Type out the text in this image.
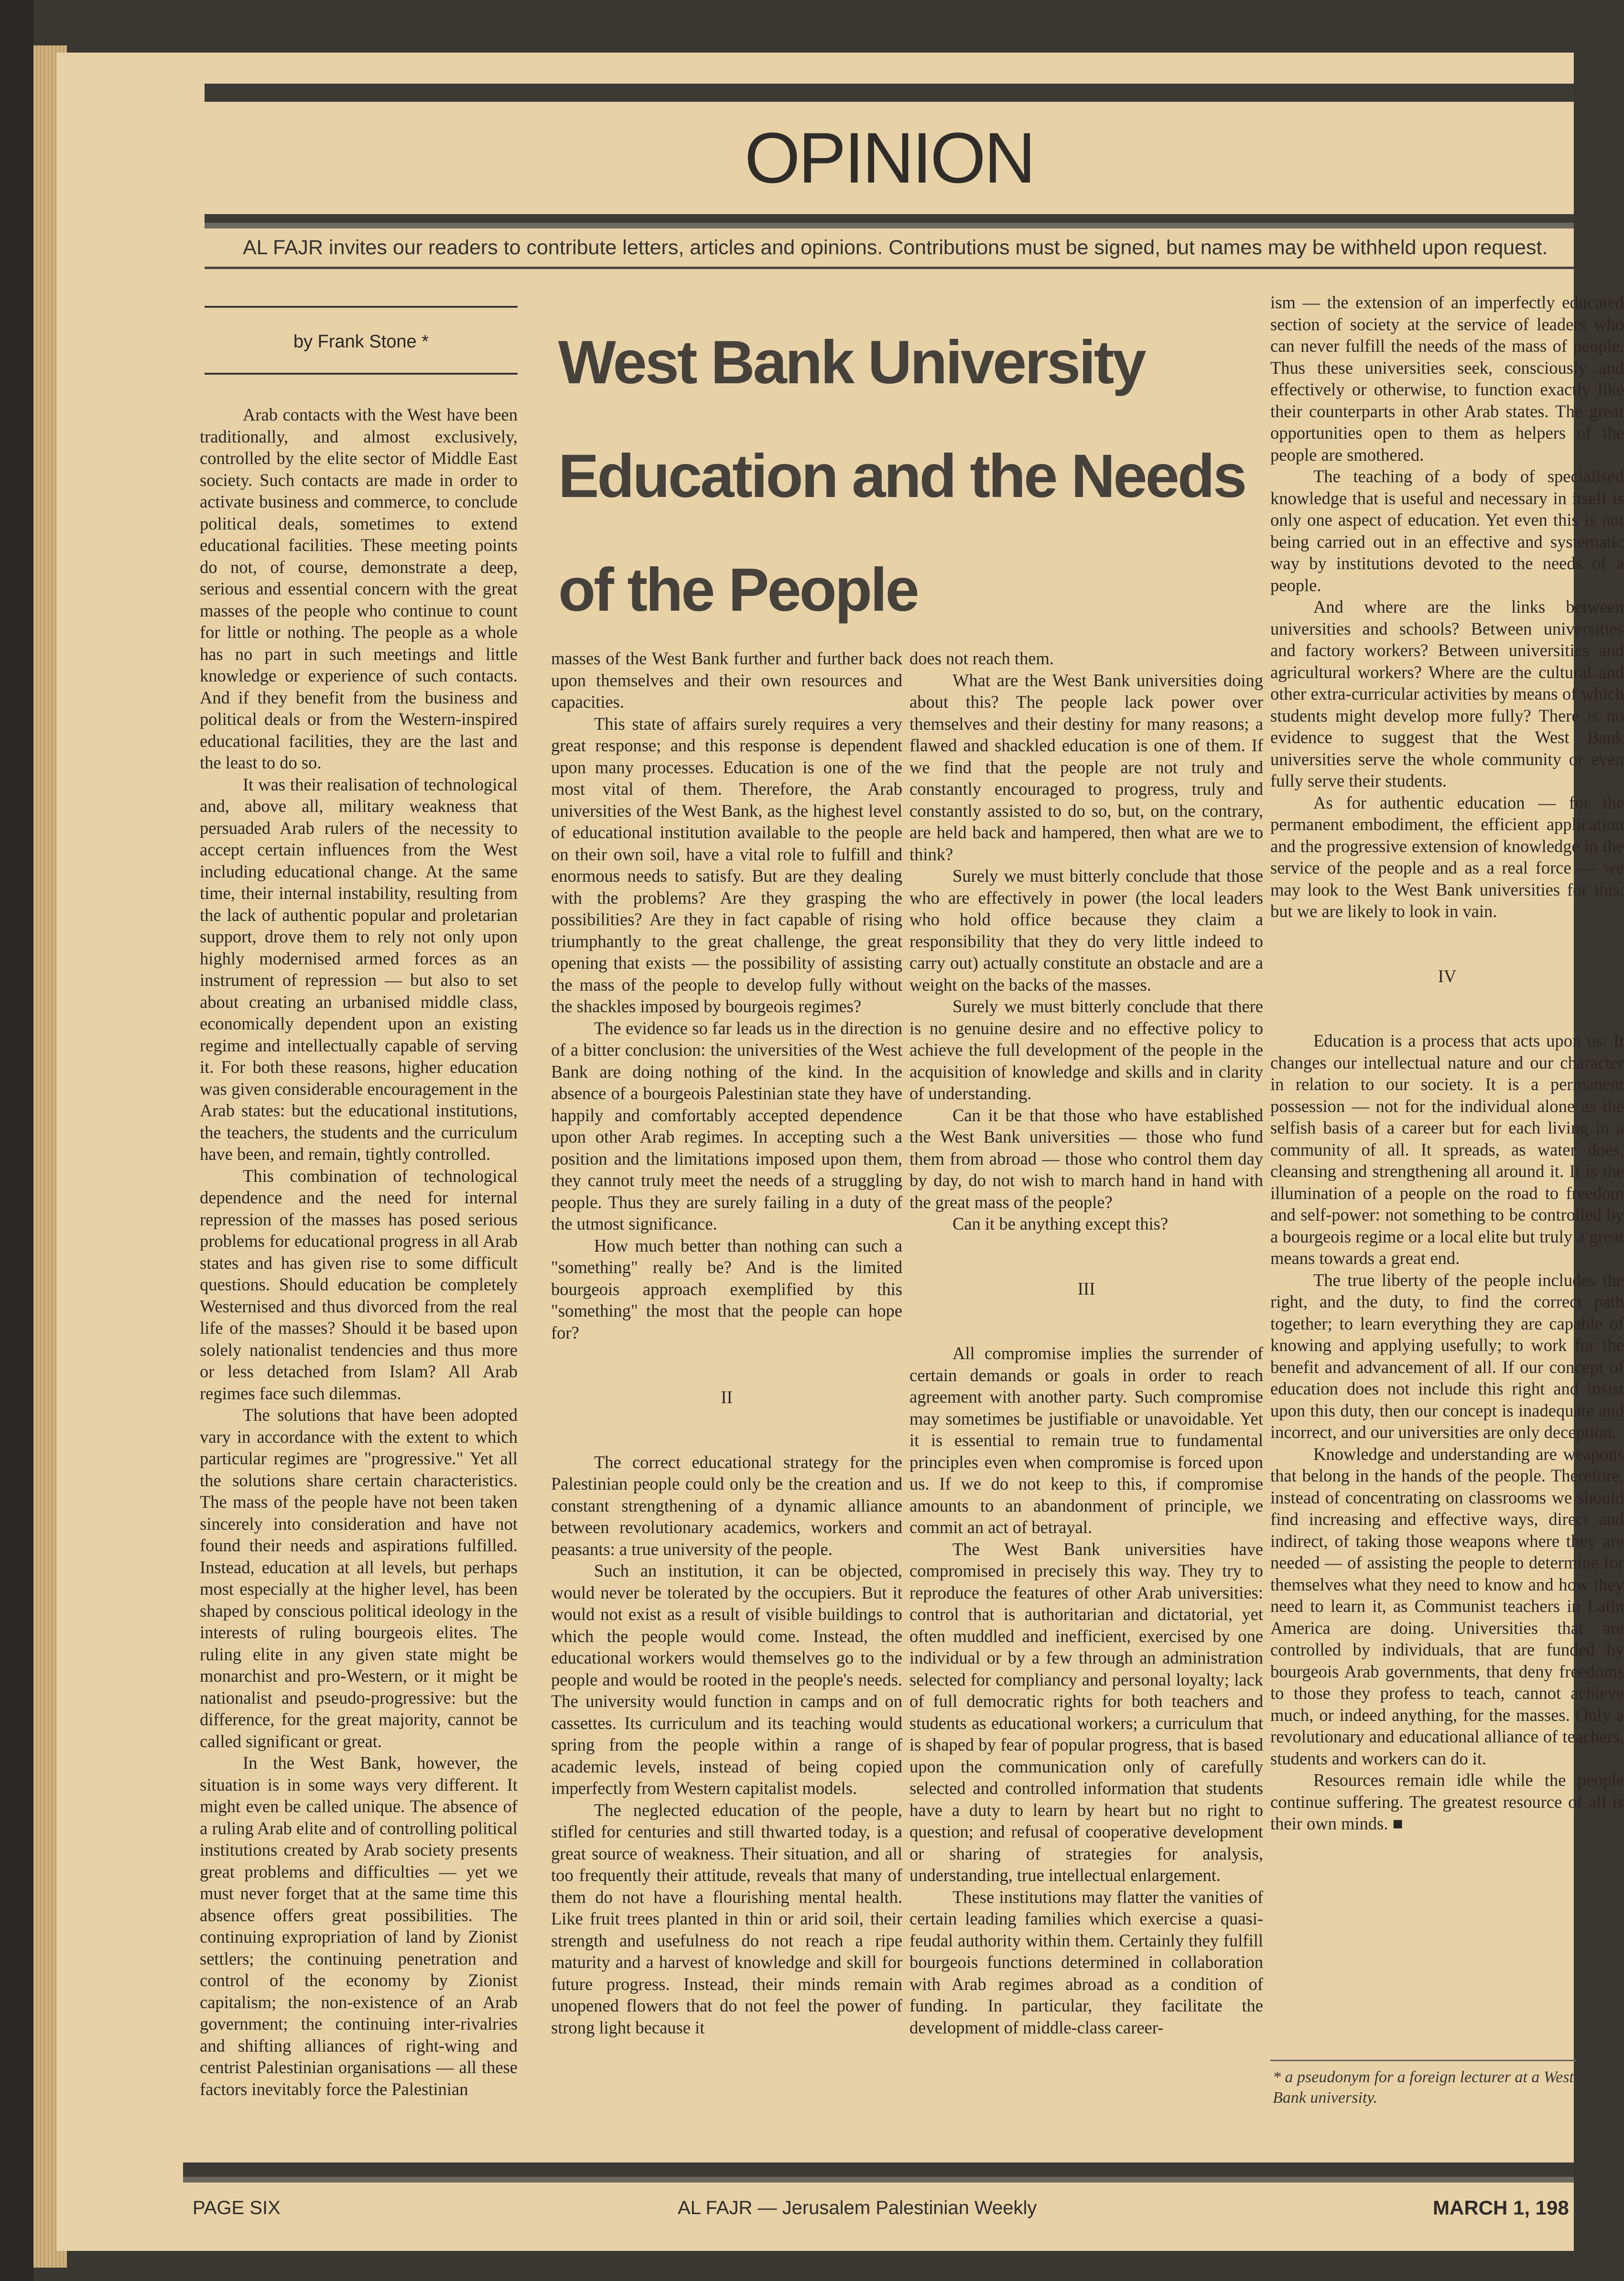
OPINION
AL FAJR invites our readers to contribute letters, articles and opinions. Contributions must be signed, but names may be withheld upon request.
by Frank Stone *	West Bank University Education and the Needs of the People

Arab contacts with the West have been traditionally, and almost exclusively, controlled by the elite sector of Middle East society. Such contacts are made in order to activate business and commerce, to conclude political deals, sometimes to extend educational facilities. These meeting points do not, of course, demonstrate a deep, serious and essential concern with the great masses of the people who continue to count for little or nothing. The people as a whole has no part in such meetings and little knowledge or experience of such contacts. And if they benefit from the business and political deals or from the Western-inspired educational facilities, they are the last and the least to do so.

It was their realisation of technological and, above all, military weakness that persuaded Arab rulers of the necessity to accept certain influences from the West including educational change. At the same time, their internal instability, resulting from the lack of authentic popular and proletarian support, drove them to rely not only upon highly modernised armed forces as an instrument of repression — but also to set about creating an urbanised middle class, economically dependent upon an existing regime and intellectually capable of serving it. For both these reasons, higher education was given considerable encouragement in the Arab states: but the educational institutions, the teachers, the students and the curriculum have been, and remain, tightly controlled.

This combination of technological dependence and the need for internal repression of the masses has posed serious problems for educational progress in all Arab states and has given rise to some difficult questions. Should education be completely Westernised and thus divorced from the real life of the masses? Should it be based upon solely nationalist tendencies and thus more or less detached from Islam? All Arab regimes face such dilemmas.

The solutions that have been adopted vary in accordance with the extent to which particular regimes are "progressive." Yet all the solutions share certain characteristics. The mass of the people have not been taken sincerely into consideration and have not found their needs and aspirations fulfilled. Instead, education at all levels, but perhaps most especially at the higher level, has been shaped by conscious political ideology in the interests of ruling bourgeois elites. The ruling elite in any given state might be monarchist and pro-Western, or it might be nationalist and pseudo-progressive: but the difference, for the great majority, cannot be called significant or great.

In the West Bank, however, the situation is in some ways very different. It might even be called unique. The absence of a ruling Arab elite and of controlling political institutions created by Arab society presents great problems and difficulties — yet we must never forget that at the same time this absence offers great possibilities. The continuing expropriation of land by Zionist settlers; the continuing penetration and control of the economy by Zionist capitalism; the non-existence of an Arab government; the continuing inter-rivalries and shifting alliances of right-wing and centrist Palestinian organisations — all these factors inevitably force the Palestinian

masses of the West Bank further and further back upon themselves and their own resources and capacities.

This state of affairs surely requires a very great response; and this response is dependent upon many processes. Education is one of the most vital of them. Therefore, the Arab universities of the West Bank, as the highest level of educational institution available to the people on their own soil, have a vital role to fulfill and enormous needs to satisfy. But are they dealing with the problems? Are they grasping the possibilities? Are they in fact capable of rising triumphantly to the great challenge, the great opening that exists — the possibility of assisting the mass of the people to develop fully without the shackles imposed by bourgeois regimes?

The evidence so far leads us in the direction of a bitter conclusion: the universities of the West Bank are doing nothing of the kind. In the absence of a bourgeois Palestinian state they have happily and comfortably accepted dependence upon other Arab regimes. In accepting such a position and the limitations imposed upon them, they cannot truly meet the needs of a struggling people. Thus they are surely failing in a duty of the utmost significance.

How much better than nothing can such a "something" really be? And is the limited bourgeois approach exemplified by this "something" the most that the people can hope for?

II

The correct educational strategy for the Palestinian people could only be the creation and constant strengthening of a dynamic alliance between revolutionary academics, workers and peasants: a true university of the people.

Such an institution, it can be objected, would never be tolerated by the occupiers. But it would not exist as a result of visible buildings to which the people would come. Instead, the educational workers would themselves go to the people and would be rooted in the people's needs. The university would function in camps and on cassettes. Its curriculum and its teaching would spring from the people within a range of academic levels, instead of being copied imperfectly from Western capitalist models.

The neglected education of the people, stifled for centuries and still thwarted today, is a great source of weakness. Their situation, and all too frequently their attitude, reveals that many of them do not have a flourishing mental health. Like fruit trees planted in thin or arid soil, their strength and usefulness do not reach a ripe maturity and a harvest of knowledge and skill for future progress. Instead, their minds remain unopened flowers that do not feel the power of strong light because it

does not reach them.

What are the West Bank universities doing about this? The people lack power over themselves and their destiny for many reasons; a flawed and shackled education is one of them. If we find that the people are not truly and constantly encouraged to progress, truly and constantly assisted to do so, but, on the contrary, are held back and hampered, then what are we to think?

Surely we must bitterly conclude that those who are effectively in power (the local leaders who hold office because they claim a responsibility that they do very little indeed to carry out) actually constitute an obstacle and are a weight on the backs of the masses.

Surely we must bitterly conclude that there is no genuine desire and no effective policy to achieve the full development of the people in the acquisition of knowledge and skills and in clarity of understanding.

Can it be that those who have established the West Bank universities — those who fund them from abroad — those who control them day by day, do not wish to march hand in hand with the great mass of the people?

Can it be anything except this?

III

All compromise implies the surrender of certain demands or goals in order to reach agreement with another party. Such compromise may sometimes be justifiable or unavoidable. Yet it is essential to remain true to fundamental principles even when compromise is forced upon us. If we do not keep to this, if compromise amounts to an abandonment of principle, we commit an act of betrayal.

The West Bank universities have compromised in precisely this way. They try to reproduce the features of other Arab universities: control that is authoritarian and dictatorial, yet often muddled and inefficient, exercised by one individual or by a few through an administration selected for compliancy and personal loyalty; lack of full democratic rights for both teachers and students as educational workers; a curriculum that is shaped by fear of popular progress, that is based upon the communication only of carefully selected and controlled information that students have a duty to learn by heart but no right to question; and refusal of cooperative development or sharing of strategies for analysis, understanding, true intellectual enlargement.

These institutions may flatter the vanities of certain leading families which exercise a quasi-feudal authority within them. Certainly they fulfill bourgeois functions determined in collaboration with Arab regimes abroad as a condition of funding. In particular, they facilitate the development of middle-class career-

ism — the extension of an imperfectly educated section of society at the service of leaders who can never fulfill the needs of the mass of people. Thus these universities seek, consciously and effectively or otherwise, to function exactly like their counterparts in other Arab states. The great opportunities open to them as helpers of the people are smothered.

The teaching of a body of specialised knowledge that is useful and necessary in itself is only one aspect of education. Yet even this is not being carried out in an effective and systematic way by institutions devoted to the needs of a people.

And where are the links between universities and schools? Between universities and factory workers? Between universities and agricultural workers? Where are the cultural and other extra-curricular activities by means of which students might develop more fully? There is no evidence to suggest that the West Bank universities serve the whole community or even fully serve their students.

As for authentic education — for the permanent embodiment, the efficient application and the progressive extension of knowledge in the service of the people and as a real force — we may look to the West Bank universities for this, but we are likely to look in vain.

IV

Education is a process that acts upon us. It changes our intellectual nature and our character in relation to our society. It is a permanent possession — not for the individual alone as the selfish basis of a career but for each living in a community of all. It spreads, as water does, cleansing and strengthening all around it. It is the illumination of a people on the road to freedom and self-power: not something to be controlled by a bourgeois regime or a local elite but truly a great means towards a great end.

The true liberty of the people includes the right, and the duty, to find the correct path together; to learn everything they are capable of knowing and applying usefully; to work for the benefit and advancement of all. If our concept of education does not include this right and insist upon this duty, then our concept is inadequate and incorrect, and our universities are only deception.

Knowledge and understanding are weapons that belong in the hands of the people. Therefore, instead of concentrating on classrooms we should find increasing and effective ways, direct and indirect, of taking those weapons where they are needed — of assisting the people to determine for themselves what they need to know and how they need to learn it, as Communist teachers in Latin America are doing. Universities that are controlled by individuals, that are funded by bourgeois Arab governments, that deny freedoms to those they profess to teach, cannot achieve much, or indeed anything, for the masses. Only a revolutionary and educational alliance of teachers, students and workers can do it.

Resources remain idle while the people continue suffering. The greatest resource of all is their own minds. ■

* a pseudonym for a foreign lecturer at a West Bank university.
PAGE SIX	AL FAJR — Jerusalem Palestinian Weekly	MARCH 1, 198
